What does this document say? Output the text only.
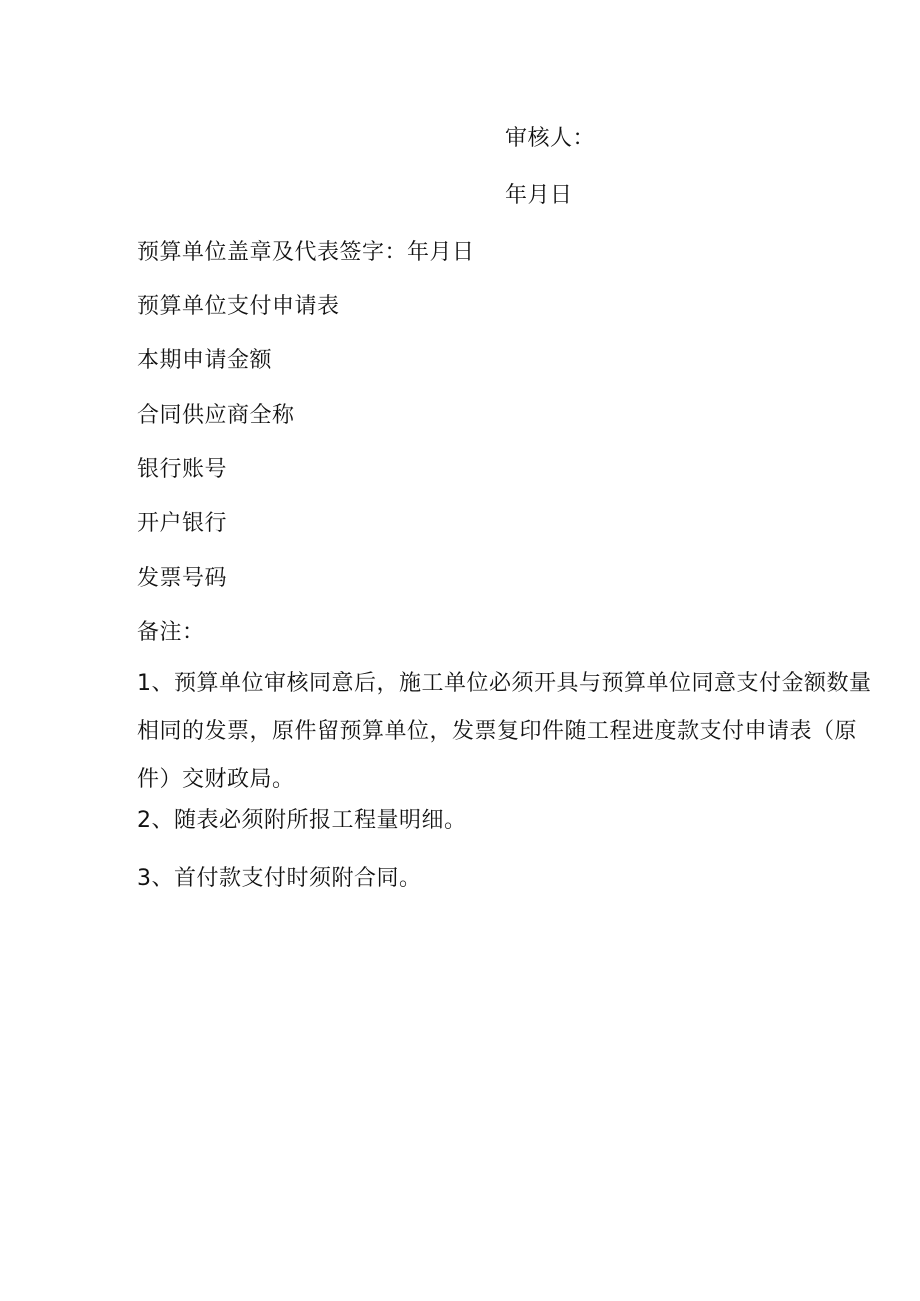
审核人：
年月日
预算单位盖章及代表签字：年月日
预算单位支付申请表
本期申请金额
合同供应商全称
银行账号
开户银行
发票号码
备注：
1、预算单位审核同意后，施工单位必须开具与预算单位同意支付金额数量相同的发票，原件留预算单位，发票复印件随工程进度款支付申请表（原件）交财政局。
2、随表必须附所报工程量明细。
3、首付款支付时须附合同。
